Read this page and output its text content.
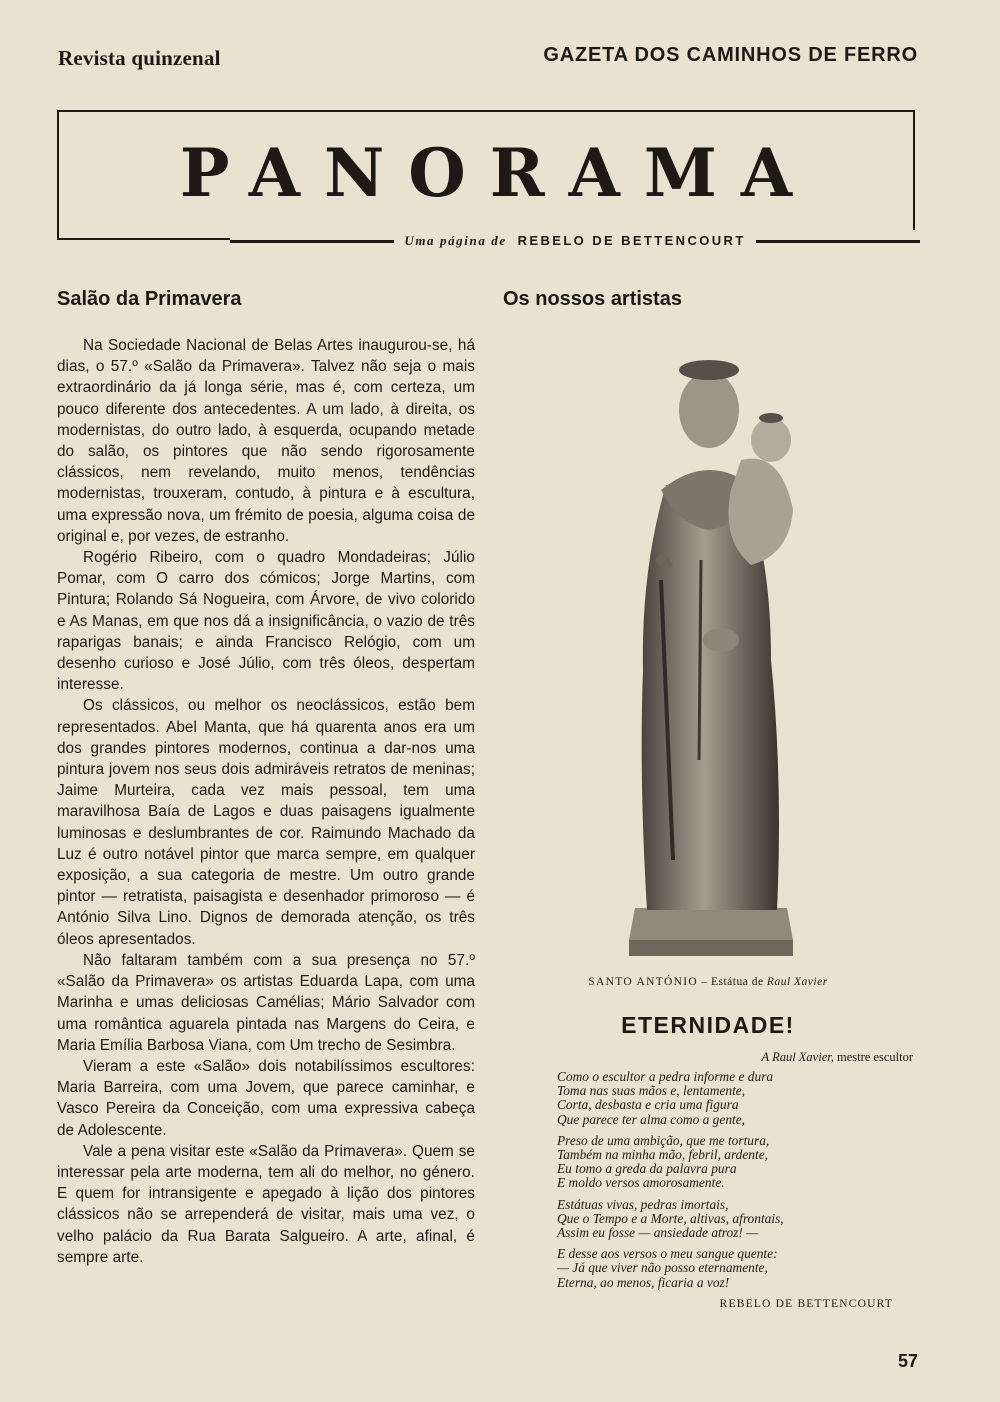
Revista quinzenal	GAZETA DOS CAMINHOS DE FERRO
PANORAMA
Uma página de REBELO DE BETTENCOURT
Salão da Primavera

Na Sociedade Nacional de Belas Artes inaugurou-se, há dias, o 57.º «Salão da Primavera». Talvez não seja o mais extraordinário da já longa série, mas é, com certeza, um pouco diferente dos antecedentes. A um lado, à direita, os modernistas, do outro lado, à esquerda, ocupando metade do salão, os pintores que não sendo rigorosamente clássicos, nem revelando, muito menos, tendências modernistas, trouxeram, contudo, à pintura e à escultura, uma expressão nova, um frémito de poesia, alguma coisa de original e, por vezes, de estranho.

Rogério Ribeiro, com o quadro Mondadeiras; Júlio Pomar, com O carro dos cómicos; Jorge Martins, com Pintura; Rolando Sá Nogueira, com Árvore, de vivo colorido e As Manas, em que nos dá a insignificância, o vazio de três raparigas banais; e ainda Francisco Relógio, com um desenho curioso e José Júlio, com três óleos, despertam interesse.

Os clássicos, ou melhor os neoclássicos, estão bem representados. Abel Manta, que há quarenta anos era um dos grandes pintores modernos, continua a dar-nos uma pintura jovem nos seus dois admiráveis retratos de meninas; Jaime Murteira, cada vez mais pessoal, tem uma maravilhosa Baía de Lagos e duas paisagens igualmente luminosas e deslumbrantes de cor. Raimundo Machado da Luz é outro notável pintor que marca sempre, em qualquer exposição, a sua categoria de mestre. Um outro grande pintor — retratista, paisagista e desenhador primoroso — é António Silva Lino. Dignos de demorada atenção, os três óleos apresentados.

Não faltaram também com a sua presença no 57.º «Salão da Primavera» os artistas Eduarda Lapa, com uma Marinha e umas deliciosas Camélias; Mário Salvador com uma romântica aguarela pintada nas Margens do Ceira, e Maria Emília Barbosa Viana, com Um trecho de Sesimbra.

Vieram a este «Salão» dois notabilíssimos escultores: Maria Barreira, com uma Jovem, que parece caminhar, e Vasco Pereira da Conceição, com uma expressiva cabeça de Adolescente.

Vale a pena visitar este «Salão da Primavera». Quem se interessar pela arte moderna, tem ali do melhor, no género. E quem for intransigente e apegado à lição dos pintores clássicos não se arrependerá de visitar, mais uma vez, o velho palácio da Rua Barata Salgueiro. A arte, afinal, é sempre arte.

Os nossos artistas
SANTO ANTÓNIO – Estátua de Raul Xavier
ETERNIDADE!
A Raul Xavier, mestre escultor
Como o escultor a pedra informe e dura
Toma nas suas mãos e, lentamente,
Corta, desbasta e cria uma figura
Que parece ter alma como a gente,
Preso de uma ambição, que me tortura,
Também na minha mão, febril, ardente,
Eu tomo a greda da palavra pura
E moldo versos amorosamente.
Estátuas vivas, pedras imortais,
Que o Tempo e a Morte, altivas, afrontais,
Assim eu fosse — ansiedade atroz! —
E desse aos versos o meu sangue quente:
— Já que viver não posso eternamente,
Eterna, ao menos, ficaria a voz!
REBELO DE BETTENCOURT
57
